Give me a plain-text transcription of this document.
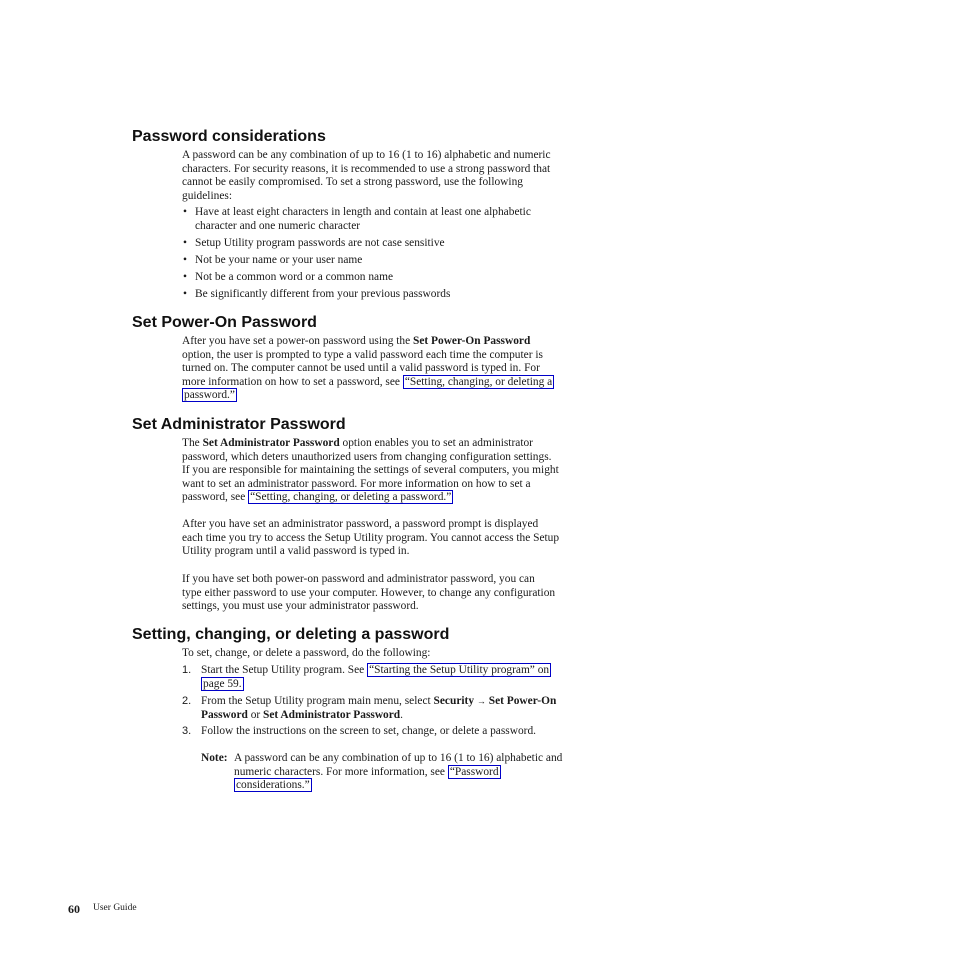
Password considerations
A password can be any combination of up to 16 (1 to 16) alphabetic and numeric
characters. For security reasons, it is recommended to use a strong password that
cannot be easily compromised. To set a strong password, use the following
guidelines:
• Have at least eight characters in length and contain at least one alphabetic
character and one numeric character
• Setup Utility program passwords are not case sensitive
• Not be your name or your user name
• Not be a common word or a common name
• Be significantly different from your previous passwords
Set Power-On Password
After you have set a power-on password using the Set Power-On Password
option, the user is prompted to type a valid password each time the computer is
turned on. The computer cannot be used until a valid password is typed in. For
more information on how to set a password, see “Setting, changing, or deleting a
password.”
Set Administrator Password
The Set Administrator Password option enables you to set an administrator
password, which deters unauthorized users from changing configuration settings.
If you are responsible for maintaining the settings of several computers, you might
want to set an administrator password. For more information on how to set a
password, see “Setting, changing, or deleting a password.”
After you have set an administrator password, a password prompt is displayed
each time you try to access the Setup Utility program. You cannot access the Setup
Utility program until a valid password is typed in.
If you have set both power-on password and administrator password, you can
type either password to use your computer. However, to change any configuration
settings, you must use your administrator password.
Setting, changing, or deleting a password
To set, change, or delete a password, do the following:
1. Start the Setup Utility program. See “Starting the Setup Utility program” on
page 59.
2. From the Setup Utility program main menu, select Security → Set Power-On
Password or Set Administrator Password.
3. Follow the instructions on the screen to set, change, or delete a password.
Note: A password can be any combination of up to 16 (1 to 16) alphabetic and
numeric characters. For more information, see “Password
considerations.”
60 User Guide
